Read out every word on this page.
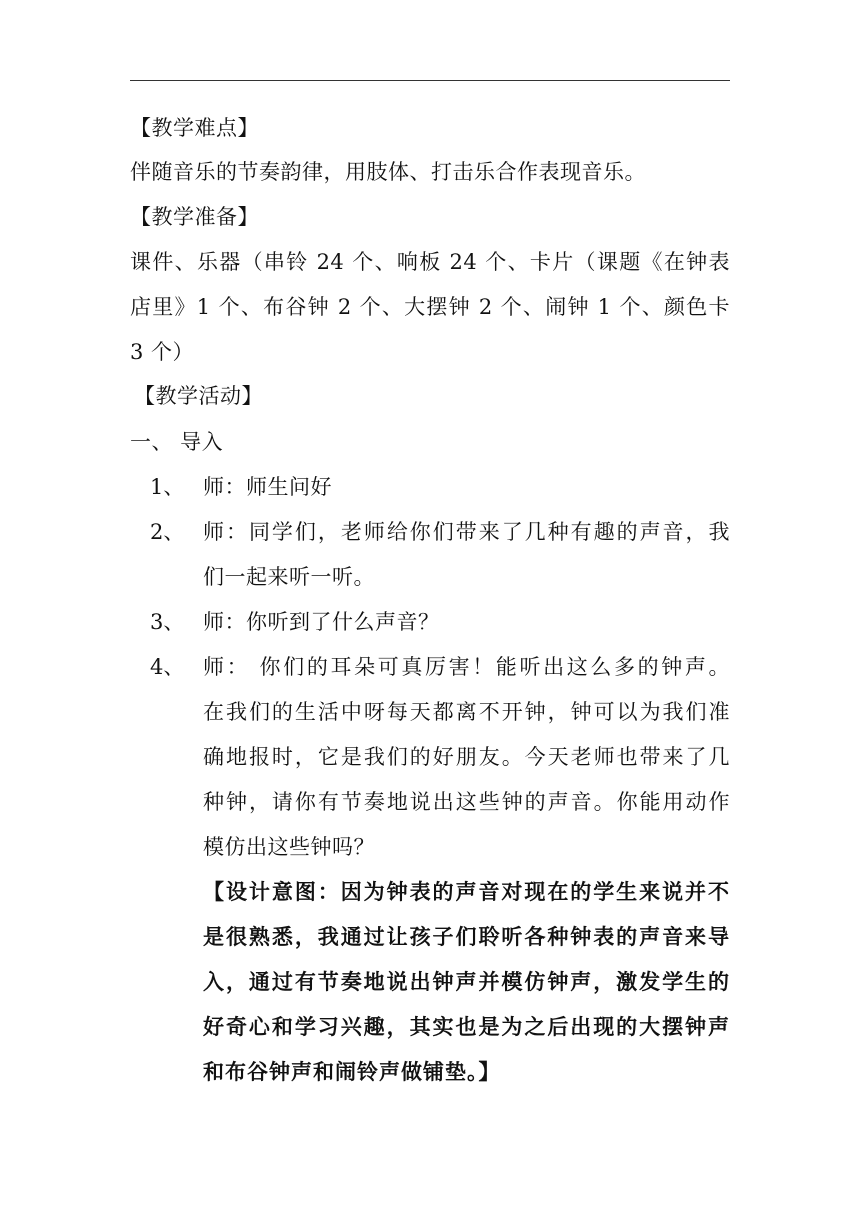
【教学难点】
伴随音乐的节奏韵律，用肢体、打击乐合作表现音乐。
【教学准备】
课件、乐器（串铃 24 个、响板 24 个、卡片（课题《在钟表
店里》1 个、布谷钟 2 个、大摆钟 2 个、闹钟 1 个、颜色卡
3 个）
【教学活动】
一、 导入
1、 师：师生问好
2、 师：同学们，老师给你们带来了几种有趣的声音，我
们一起来听一听。
3、 师：你听到了什么声音？
4、 师： 你们的耳朵可真厉害！能听出这么多的钟声。
在我们的生活中呀每天都离不开钟，钟可以为我们准
确地报时，它是我们的好朋友。今天老师也带来了几
种钟，请你有节奏地说出这些钟的声音。你能用动作
模仿出这些钟吗？
【设计意图：因为钟表的声音对现在的学生来说并不
是很熟悉，我通过让孩子们聆听各种钟表的声音来导
入，通过有节奏地说出钟声并模仿钟声，激发学生的
好奇心和学习兴趣，其实也是为之后出现的大摆钟声
和布谷钟声和闹铃声做铺垫。】
